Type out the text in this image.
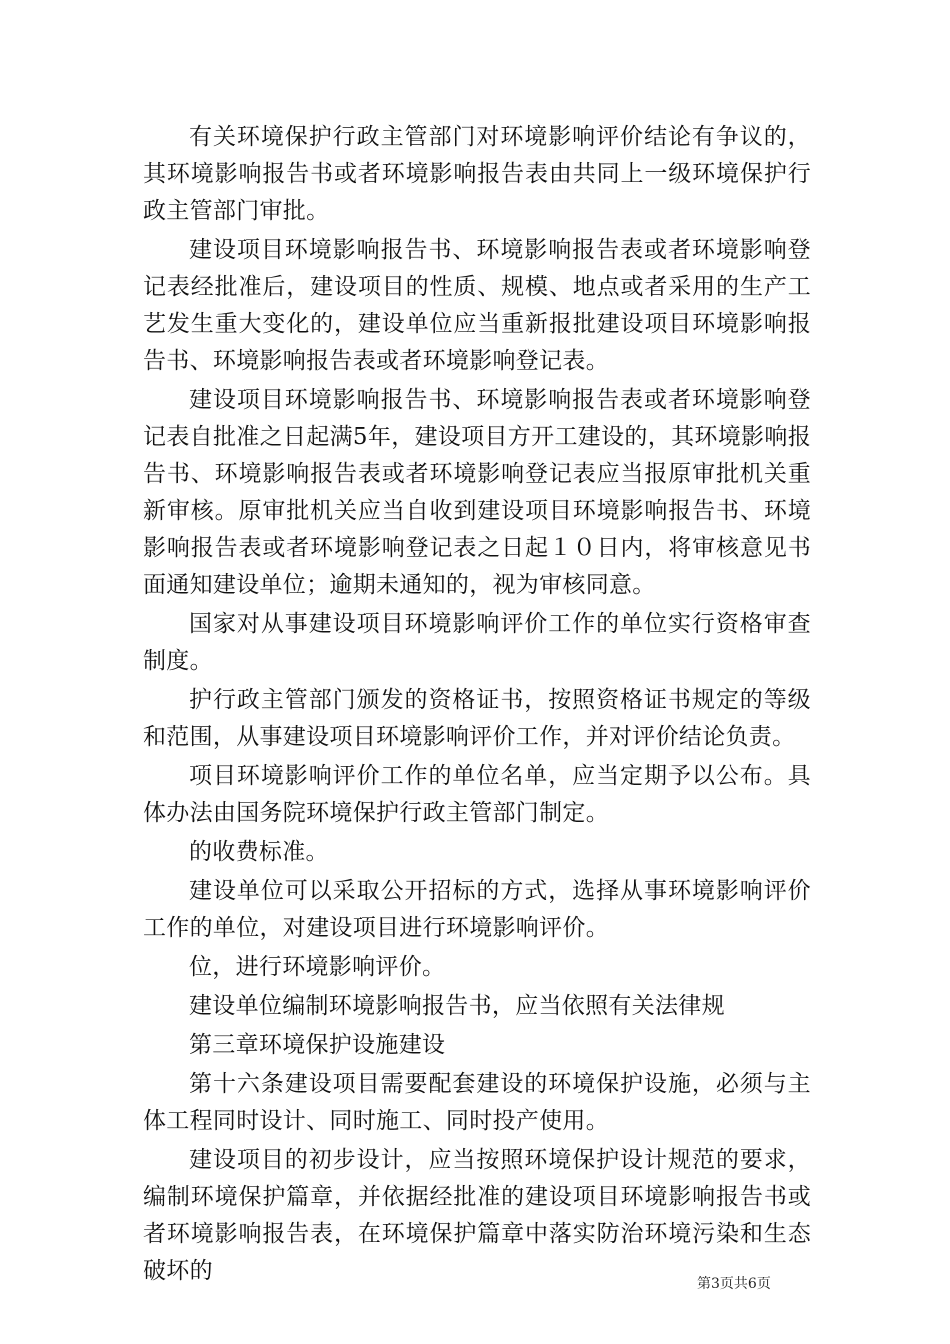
有关环境保护行政主管部门对环境影响评价结论有争议的，其环境影响报告书或者环境影响报告表由共同上一级环境保护行政主管部门审批。

建设项目环境影响报告书、环境影响报告表或者环境影响登记表经批准后，建设项目的性质、规模、地点或者采用的生产工艺发生重大变化的，建设单位应当重新报批建设项目环境影响报告书、环境影响报告表或者环境影响登记表。

建设项目环境影响报告书、环境影响报告表或者环境影响登记表自批准之日起满5年，建设项目方开工建设的，其环境影响报告书、环境影响报告表或者环境影响登记表应当报原审批机关重新审核。原审批机关应当自收到建设项目环境影响报告书、环境影响报告表或者环境影响登记表之日起１０日内，将审核意见书面通知建设单位；逾期未通知的，视为审核同意。

国家对从事建设项目环境影响评价工作的单位实行资格审查制度。

护行政主管部门颁发的资格证书，按照资格证书规定的等级和范围，从事建设项目环境影响评价工作，并对评价结论负责。

项目环境影响评价工作的单位名单，应当定期予以公布。具体办法由国务院环境保护行政主管部门制定。

的收费标准。

建设单位可以采取公开招标的方式，选择从事环境影响评价工作的单位，对建设项目进行环境影响评价。

位，进行环境影响评价。

建设单位编制环境影响报告书，应当依照有关法律规

第三章环境保护设施建设

第十六条建设项目需要配套建设的环境保护设施，必须与主体工程同时设计、同时施工、同时投产使用。

建设项目的初步设计，应当按照环境保护设计规范的要求，编制环境保护篇章，并依据经批准的建设项目环境影响报告书或者环境影响报告表，在环境保护篇章中落实防治环境污染和生态破坏的	第3页共6页
